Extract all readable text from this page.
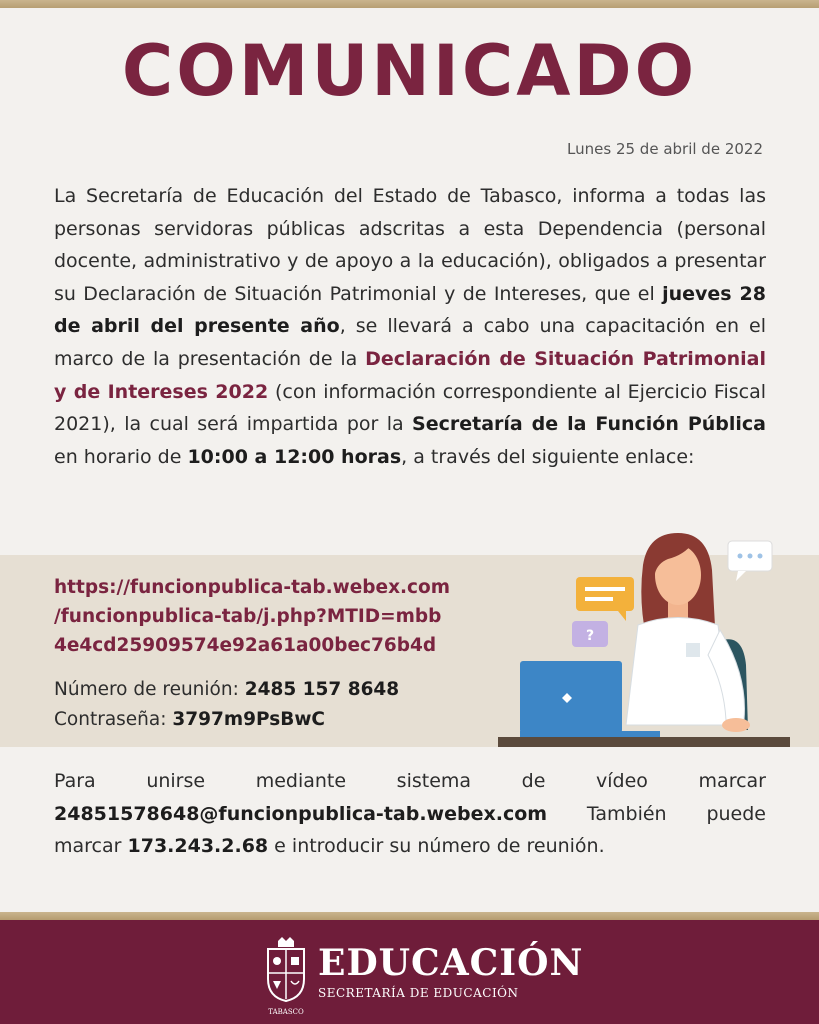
COMUNICADO
Lunes 25 de abril de 2022
La Secretaría de Educación del Estado de Tabasco, informa a todas las personas servidoras públicas adscritas a esta Dependencia (personal docente, administrativo y de apoyo a la educación), obligados a presentar su Declaración de Situación Patrimonial y de Intereses, que el jueves 28 de abril del presente año, se llevará a cabo una capacitación en el marco de la presentación de la Declaración de Situación Patrimonial y de Intereses 2022 (con información correspondiente al Ejercicio Fiscal 2021), la cual será impartida por la Secretaría de la Función Pública en horario de 10:00 a 12:00 horas, a través del siguiente enlace:
https://funcionpublica-tab.webex.com
/funcionpublica-tab/j.php?MTID=mbb
4e4cd25909574e92a61a00bec76b4d
Número de reunión: 2485 157 8648
Contraseña: 3797m9PsBwC
?
Para unirse mediante sistema de vídeo marcar 24851578648@funcionpublica-tab.webex.com También puede marcar 173.243.2.68 e introducir su número de reunión.
TABASCO
EDUCACIÓN
SECRETARÍA DE EDUCACIÓN
